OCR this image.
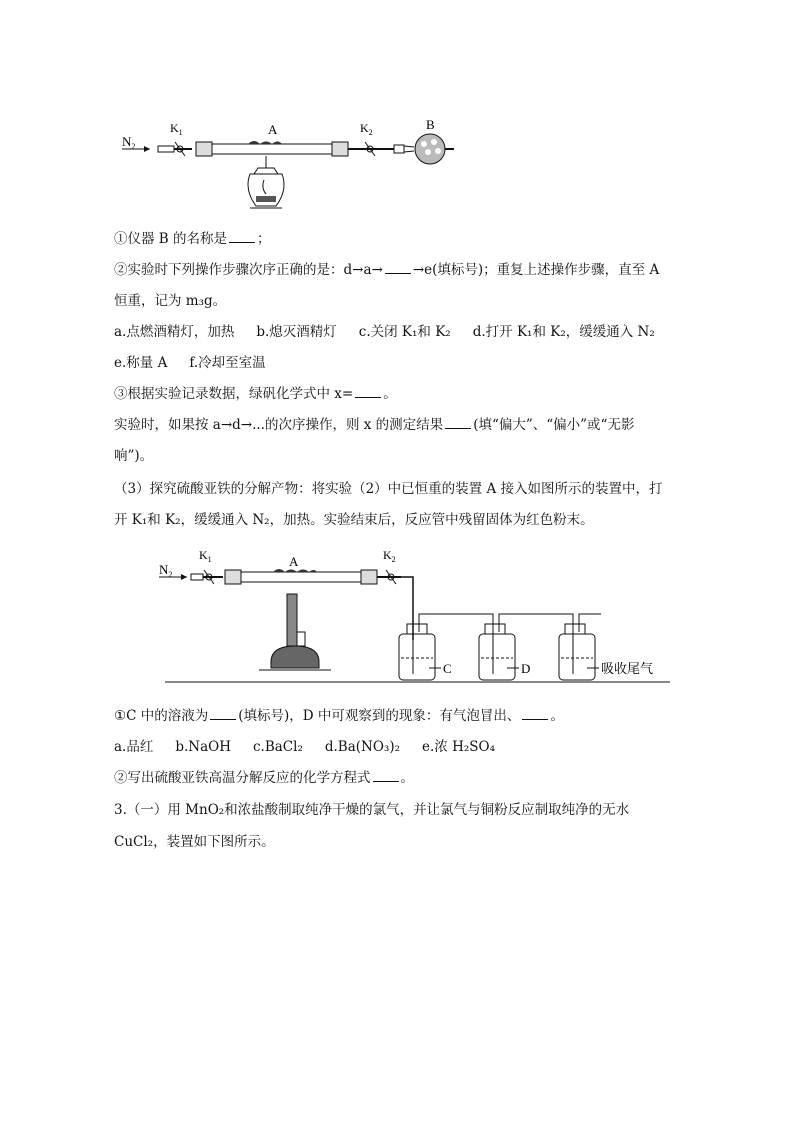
$N_2$
$K_1$	A	$K_2$
B
①仪器 B 的名称是 ；
②实验时下列操作步骤次序正确的是：d→a→ →e(填标号)；重复上述操作步骤，直至 A
恒重，记为 m₃g。
a.点燃酒精灯，加热 b.熄灭酒精灯 c.关闭 K₁和 K₂ d.打开 K₁和 K₂，缓缓通入 N₂
e.称量 A f.冷却至室温
③根据实验记录数据，绿矾化学式中 x= 。
实验时，如果按 a→d→...的次序操作，则 x 的测定结果 (填“偏大”、“偏小”或“无影
响”)。
（3）探究硫酸亚铁的分解产物：将实验（2）中已恒重的装置 A 接入如图所示的装置中，打
开 K₁和 K₂，缓缓通入 N₂，加热。实验结束后，反应管中残留固体为红色粉末。
$N_2$
$K_1$	A	$K_2$
C	D	吸收尾气
①C 中的溶液为 (填标号)，D 中可观察到的现象：有气泡冒出、 。
a.品红 b.NaOH c.BaCl₂ d.Ba(NO₃)₂ e.浓 H₂SO₄
②写出硫酸亚铁高温分解反应的化学方程式 。
3.（一）用 MnO₂和浓盐酸制取纯净干燥的氯气，并让氯气与铜粉反应制取纯净的无水
CuCl₂，装置如下图所示。
